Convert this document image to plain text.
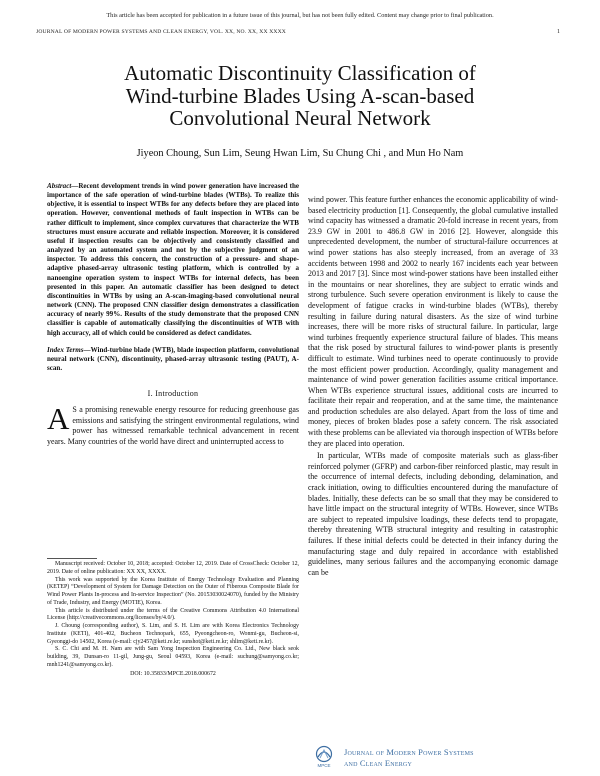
This article has been accepted for publication in a future issue of this journal, but has not been fully edited. Content may change prior to final publication.
JOURNAL OF MODERN POWER SYSTEMS AND CLEAN ENERGY, VOL. XX, NO. XX, XX XXXX	1
Automatic Discontinuity Classification of
Wind-turbine Blades Using A-scan-based
Convolutional Neural Network
Jiyeon Choung, Sun Lim, Seung Hwan Lim, Su Chung Chi , and Mun Ho Nam
Abstract—Recent development trends in wind power generation have increased the importance of the safe operation of wind-turbine blades (WTBs). To realize this objective, it is essential to inspect WTBs for any defects before they are placed into operation. However, conventional methods of fault inspection in WTBs can be rather difficult to implement, since complex curvatures that characterize the WTB structures must ensure accurate and reliable inspection. Moreover, it is considered useful if inspection results can be objectively and consistently classified and analyzed by an automated system and not by the subjective judgment of an inspector. To address this concern, the construction of a pressure- and shape-adaptive phased-array ultrasonic testing platform, which is controlled by a nanoengine operation system to inspect WTBs for internal defects, has been presented in this paper. An automatic classifier has been designed to detect discontinuities in WTBs by using an A-scan-imaging-based convolutional neural network (CNN). The proposed CNN classifier design demonstrates a classification accuracy of nearly 99%. Results of the study demonstrate that the proposed CNN classifier is capable of automatically classifying the discontinuities of WTB with high accuracy, all of which could be considered as defect candidates.
Index Terms—Wind-turbine blade (WTB), blade inspection platform, convolutional neural network (CNN), discontinuity, phased-array ultrasonic testing (PAUT), A-scan.
I. Introduction
A S a promising renewable energy resource for reducing greenhouse gas emissions and satisfying the stringent environmental regulations, wind power has witnessed remarkable technical advancement in recent years. Many countries of the world have direct and uninterrupted access to

wind power. This feature further enhances the economic applicability of wind-based electricity production [1]. Consequently, the global cumulative installed wind capacity has witnessed a dramatic 20-fold increase in recent years, from 23.9 GW in 2001 to 486.8 GW in 2016 [2]. However, alongside this unprecedented development, the number of structural-failure occurrences at wind power stations has also steeply increased, from an average of 33 accidents between 1998 and 2002 to nearly 167 incidents each year between 2013 and 2017 [3]. Since most wind-power stations have been installed either in the mountains or near shorelines, they are subject to erratic winds and strong turbulence. Such severe operation environment is likely to cause the development of fatigue cracks in wind-turbine blades (WTBs), thereby resulting in failure during natural disasters. As the size of wind turbine increases, there will be more risks of structural failure. In particular, large wind turbines frequently experience structural failure of blades. This means that the risk posed by structural failures to wind-power plants is presently difficult to estimate. Wind turbines need to operate continuously to provide the most efficient power production. Accordingly, quality management and maintenance of wind power generation facilities assume critical importance. When WTBs experience structural issues, additional costs are incurred to facilitate their repair and reoperation, and at the same time, the maintenance and production schedules are also delayed. Apart from the loss of time and money, pieces of broken blades pose a safety concern. The risk associated with these problems can be alleviated via thorough inspection of WTBs before they are placed into operation.

In particular, WTBs made of composite materials such as glass-fiber reinforced polymer (GFRP) and carbon-fiber reinforced plastic, may result in the occurrence of internal defects, including debonding, delamination, and crack initiation, owing to difficulties encountered during the manufacture of blades. Initially, these defects can be so small that they may be considered to have little impact on the structural integrity of WTBs. However, since WTBs are subject to repeated impulsive loadings, these defects tend to propagate, thereby threatening WTB structural integrity and resulting in catastrophic failures. If these initial defects could be detected in their infancy during the manufacturing stage and duly repaired in accordance with established guidelines, many serious failures and the accompanying economic damage can be

Manuscript received: October 10, 2018; accepted: October 12, 2019. Date of CrossCheck: October 12, 2019. Date of online publication: XX XX, XXXX.

This work was supported by the Korea Institute of Energy Technology Evaluation and Planning (KETEP) “Development of System for Damage Detection on the Outer of Fiberous Composite Blade for Wind Power Plants In-process and In-service Inspection” (No. 20153030024070), funded by the Ministry of Trade, Industry, and Energy (MOTIE), Korea.

This article is distributed under the terms of the Creative Commons Attribution 4.0 International License (http://creativecommons.org/licenses/by/4.0/).

J. Choung (corresponding author), S. Lim, and S. H. Lim are with Korea Electronics Technology Institute (KETI), 401-402, Bucheon Technopark, 655, Pyeongcheon-ro, Wonmi-gu, Bucheon-si, Gyeonggi-do 14502, Korea (e-mail: cjy2457@keti.re.kr; sunshot@keti.re.kr; shlim@keti.re.kr).

S. C. Chi and M. H. Nam are with Sam Yong Inspection Engineering Co. Ltd., New black seok building, 39, Dunsan-ro 11-gil, Jung-gu, Seoul 04593, Korea (e-mail: suchung@samyong.co.kr; mnh1241@samyong.co.kr).

DOI: 10.35833/MPCE.2018.000672

MPCE
Journal of Modern Power Systems
and Clean Energy
